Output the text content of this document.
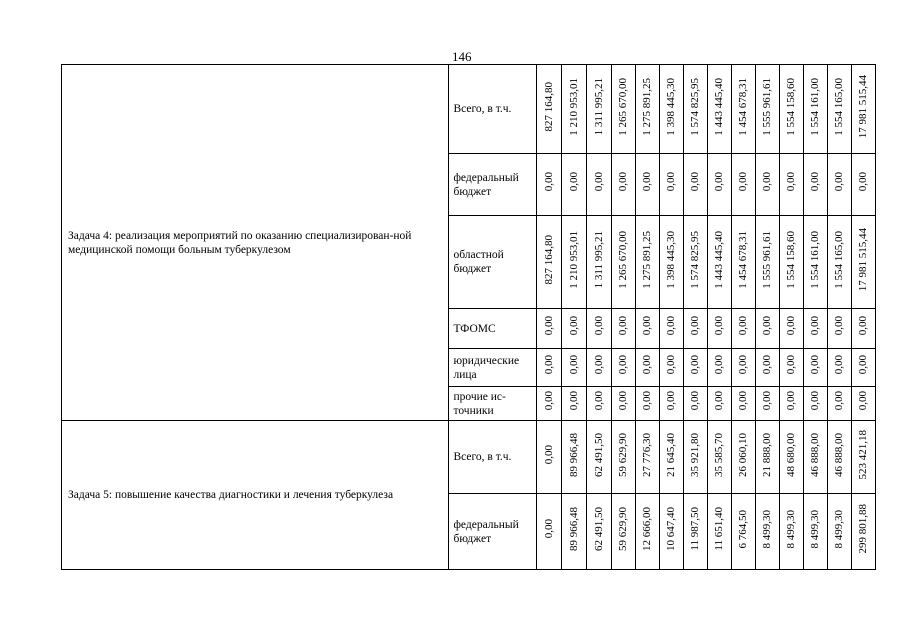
146
Задача 4: реализация мероприятий по оказанию специализирован-ной медицинской помощи больным туберкулезом	Всего, в т.ч.	827 164,80	1 210 953,01	1 311 995,21	1 265 670,00	1 275 891,25	1 398 445,30	1 574 825,95	1 443 445,40	1 454 678,31	1 555 961,61	1 554 158,60	1 554 161,00	1 554 165,00	17 981 515,44
	федеральный бюджет	0,00	0,00	0,00	0,00	0,00	0,00	0,00	0,00	0,00	0,00	0,00	0,00	0,00	0,00
	областной бюджет	827 164,80	1 210 953,01	1 311 995,21	1 265 670,00	1 275 891,25	1 398 445,30	1 574 825,95	1 443 445,40	1 454 678,31	1 555 961,61	1 554 158,60	1 554 161,00	1 554 165,00	17 981 515,44
	ТФОМС	0,00	0,00	0,00	0,00	0,00	0,00	0,00	0,00	0,00	0,00	0,00	0,00	0,00	0,00
	юридические лица	0,00	0,00	0,00	0,00	0,00	0,00	0,00	0,00	0,00	0,00	0,00	0,00	0,00	0,00
	прочие ис-точники	0,00	0,00	0,00	0,00	0,00	0,00	0,00	0,00	0,00	0,00	0,00	0,00	0,00	0,00
Задача 5: повышение качества диагностики и лечения туберкулеза	Всего, в т.ч.	0,00	89 966,48	62 491,50	59 629,90	27 776,30	21 645,40	35 921,80	35 585,70	26 060,10	21 888,00	48 680,00	46 888,00	46 888,00	523 421,18
	федеральный бюджет	0,00	89 966,48	62 491,50	59 629,90	12 666,00	10 647,40	11 987,50	11 651,40	6 764,50	8 499,30	8 499,30	8 499,30	8 499,30	299 801,88
